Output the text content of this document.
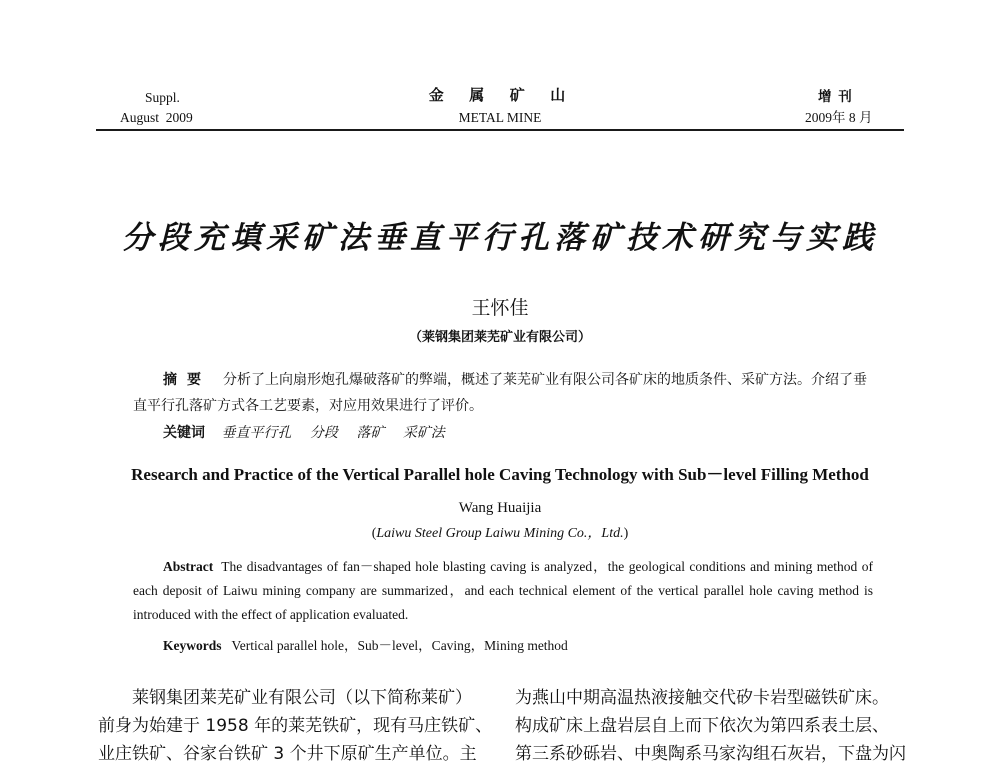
Suppl.
August  2009
金  属  矿  山
METAL MINE
增  刊
2009年 8 月
分段充填采矿法垂直平行孔落矿技术研究与实践
王怀佳
（莱钢集团莱芜矿业有限公司）
摘要 分析了上向扇形炮孔爆破落矿的弊端，概述了莱芜矿业有限公司各矿床的地质条件、采矿方法。介绍了垂直平行孔落矿方式各工艺要素，对应用效果进行了评价。
关键词 垂直平行孔 分段 落矿 采矿法
Research and Practice of the Vertical Parallel hole Caving Technology with Sub－level Filling Method
Wang Huaijia
(Laiwu Steel Group Laiwu Mining Co.，Ltd.)
Abstract The disadvantages of fan－shaped hole blasting caving is analyzed，the geological conditions and mining method of each deposit of Laiwu mining company are summarized，and each technical element of the vertical parallel hole caving method is introduced with the effect of application evaluated.
Keywords Vertical parallel hole，Sub－level，Caving，Mining method

莱钢集团莱芜矿业有限公司（以下简称莱矿）

前身为始建于 1958 年的莱芜铁矿，现有马庄铁矿、

业庄铁矿、谷家台铁矿 3 个井下原矿生产单位。主

为燕山中期高温热液接触交代矽卡岩型磁铁矿床。

构成矿床上盘岩层自上而下依次为第四系表土层、

第三系砂砾岩、中奥陶系马家沟组石灰岩，下盘为闪
